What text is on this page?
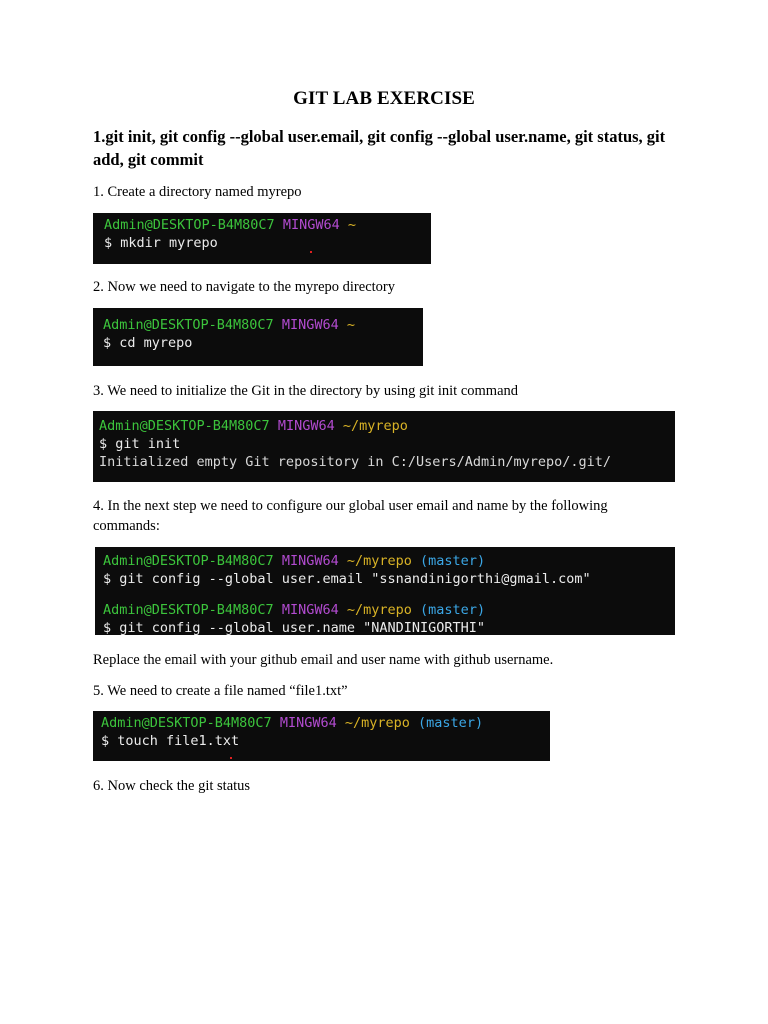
GIT LAB EXERCISE
1.git init, git config --global user.email, git config --global user.name, git status, git add, git commit
1. Create a directory named myrepo
Admin@DESKTOP-B4M80C7 MINGW64 ~
$ mkdir myrepo
2. Now we need to navigate to the myrepo directory
Admin@DESKTOP-B4M80C7 MINGW64 ~
$ cd myrepo
3. We need to initialize the Git in the directory by using git init command
Admin@DESKTOP-B4M80C7 MINGW64 ~/myrepo
$ git init
Initialized empty Git repository in C:/Users/Admin/myrepo/.git/
4. In the next step we need to configure our global user email and name by the following commands:
Admin@DESKTOP-B4M80C7 MINGW64 ~/myrepo (master)
$ git config --global user.email "ssnandinigorthi@gmail.com"
Admin@DESKTOP-B4M80C7 MINGW64 ~/myrepo (master)
$ git config --global user.name "NANDINIGORTHI"
Replace the email with your github email and user name with github username.
5. We need to create a file named “file1.txt”
Admin@DESKTOP-B4M80C7 MINGW64 ~/myrepo (master)
$ touch file1.txt
6. Now check the git status
